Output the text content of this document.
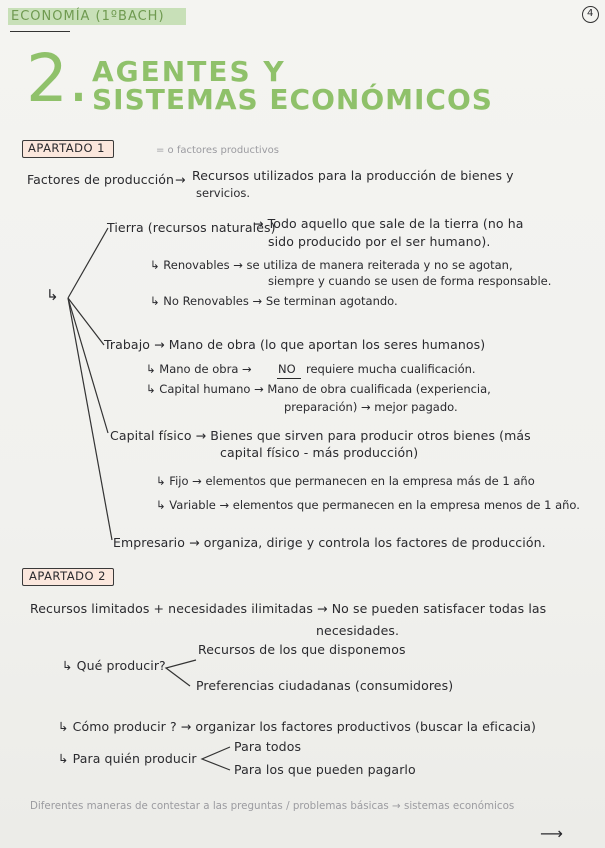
ECONOMÍA (1ºBACH)	4
2. AGENTES Y
SISTEMAS ECONÓMICOS
APARTADO 1	= o factores productivos
Factores de producción → Recursos utilizados para la producción de bienes y
servicios.
↳
Tierra (recursos naturales)
→ Todo aquello que sale de la tierra (no ha
sido producido por el ser humano).
↳ Renovables → se utiliza de manera reiterada y no se agotan,
siempre y cuando se usen de forma responsable.
↳ No Renovables → Se terminan agotando.
Trabajo → Mano de obra (lo que aportan los seres humanos)
↳ Mano de obra → NO requiere mucha cualificación.
↳ Capital humano → Mano de obra cualificada (experiencia,
preparación) → mejor pagado.
Capital físico → Bienes que sirven para producir otros bienes (más
capital físico - más producción)
↳ Fijo → elementos que permanecen en la empresa más de 1 año
↳ Variable → elementos que permanecen en la empresa menos de 1 año.
Empresario → organiza, dirige y controla los factores de producción.
APARTADO 2
Recursos limitados + necesidades ilimitadas → No se pueden satisfacer todas las
necesidades.
↳ Qué producir?
Recursos de los que disponemos
Preferencias ciudadanas (consumidores)
↳ Cómo producir ? → organizar los factores productivos (buscar la eficacia)
↳ Para quién producir
Para todos
Para los que pueden pagarlo
Diferentes maneras de contestar a las preguntas / problemas básicas → sistemas económicos
⟶
